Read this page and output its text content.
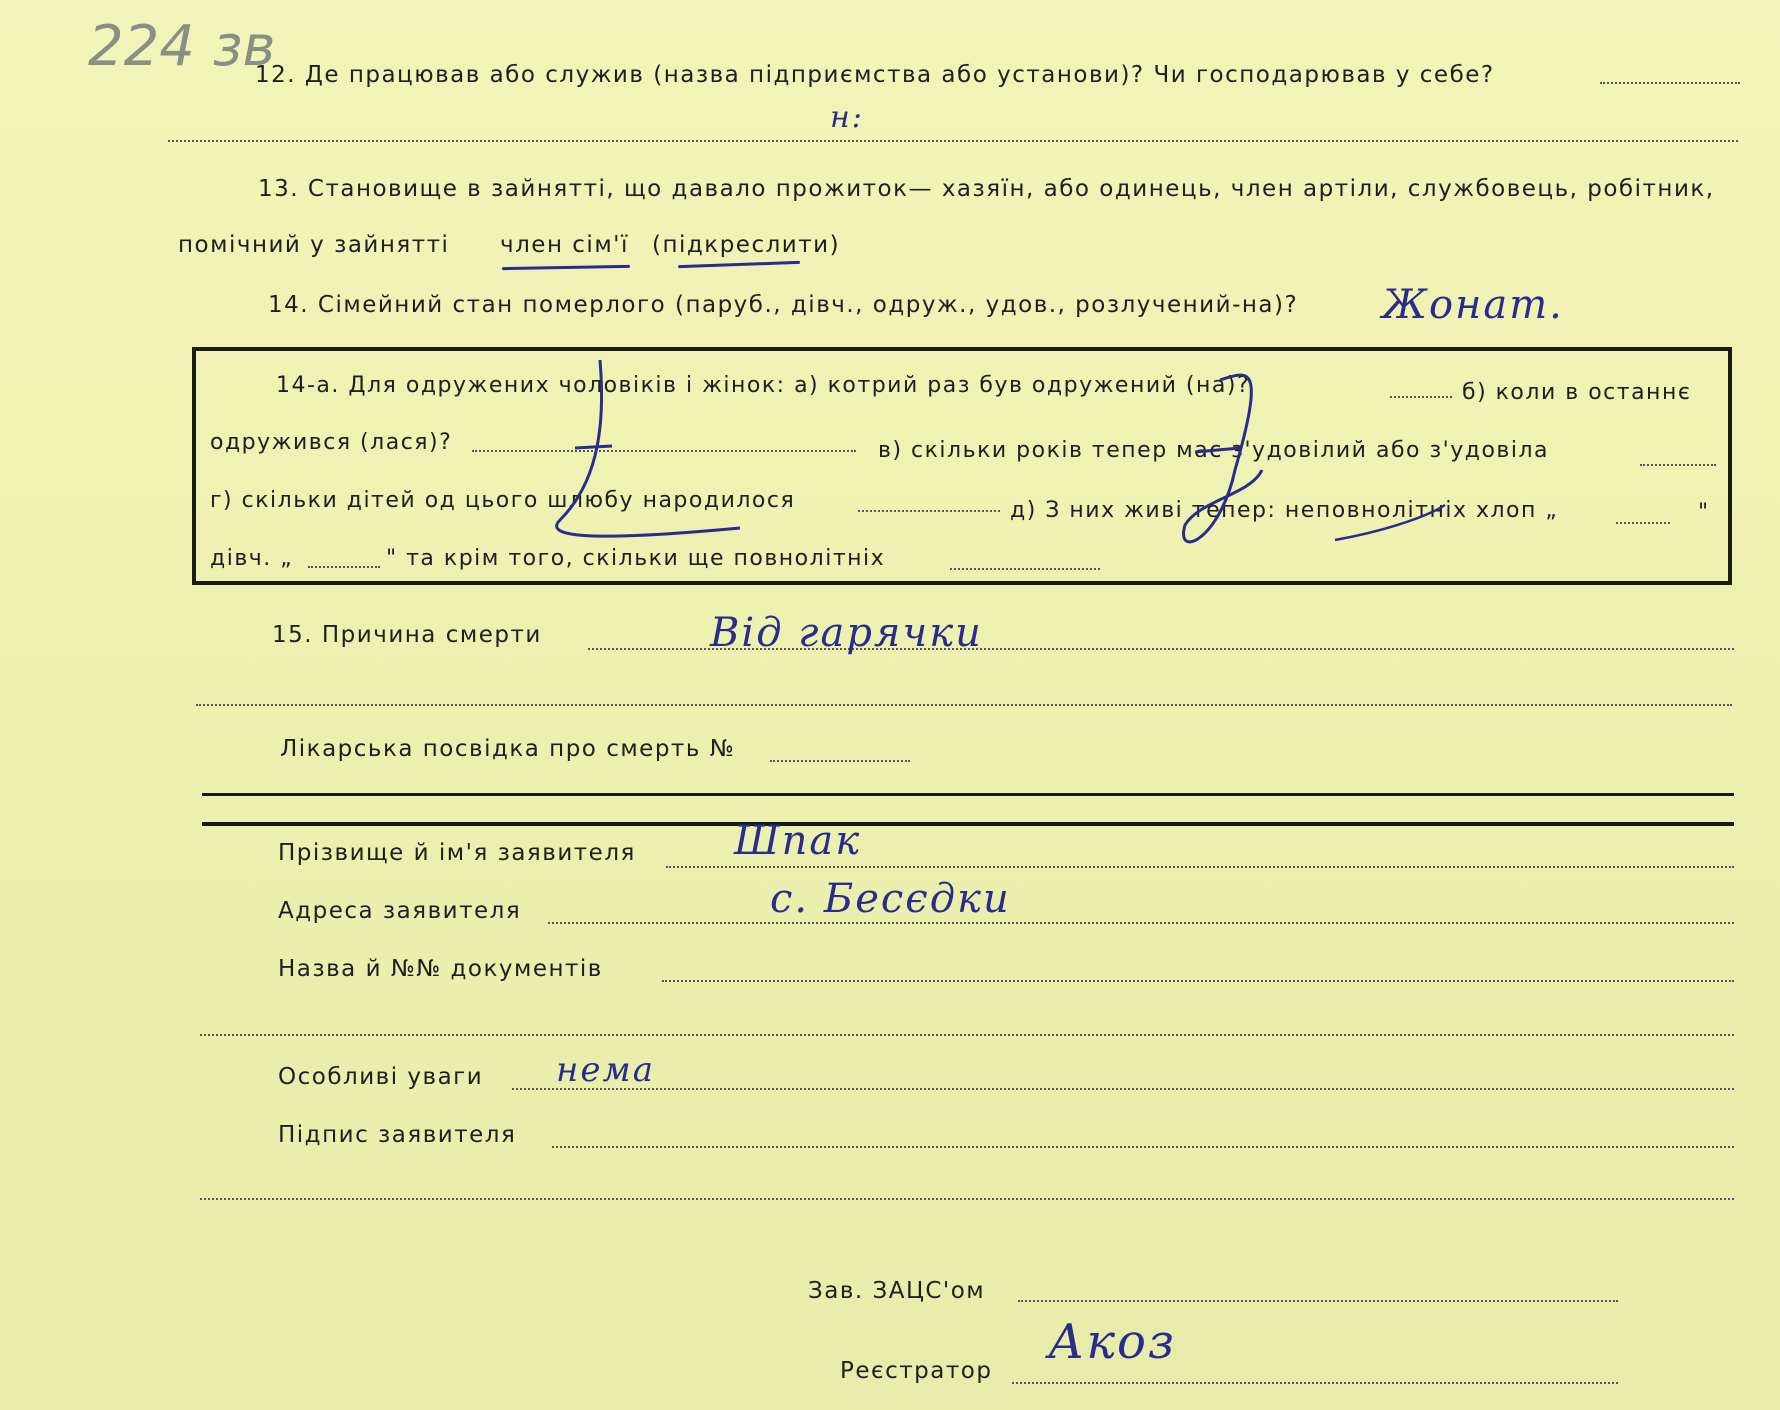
224 зв
12. Де працював або служив (назва підприємства або установи)? Чи господарював у себе?
н:
13. Становище в зайнятті, що давало прожиток— хазяїн, або одинець, член артіли, службовець, робітник,
помічний у зайнятті член сім'ї (підкреслити)
14. Сімейний стан померлого (паруб., дівч., одруж., удов., розлучений-на)? Жонат.
14-а. Для одружених чоловіків і жінок: а) котрий раз був одружений (на)?	б) коли в останнє
одружився (лася)?	в) скільки років тепер має з'удовілий або з'удовіла
г) скільки дітей од цього шлюбу народилося	д) З них живі тепер: неповнолітніх хлоп „	"
дівч. „	" та крім того, скільки ще повнолітніх
15. Причина смерти	Від гарячки
Лікарська посвідка про смерть №
Прізвище й ім'я заявителя Шпак
Адреса заявителя	с. Бесєдки
Назва й №№ документів
Особливі уваги нема
Підпис заявителя
Зав. ЗАЦС'ом
Реєстратор
Акоз
